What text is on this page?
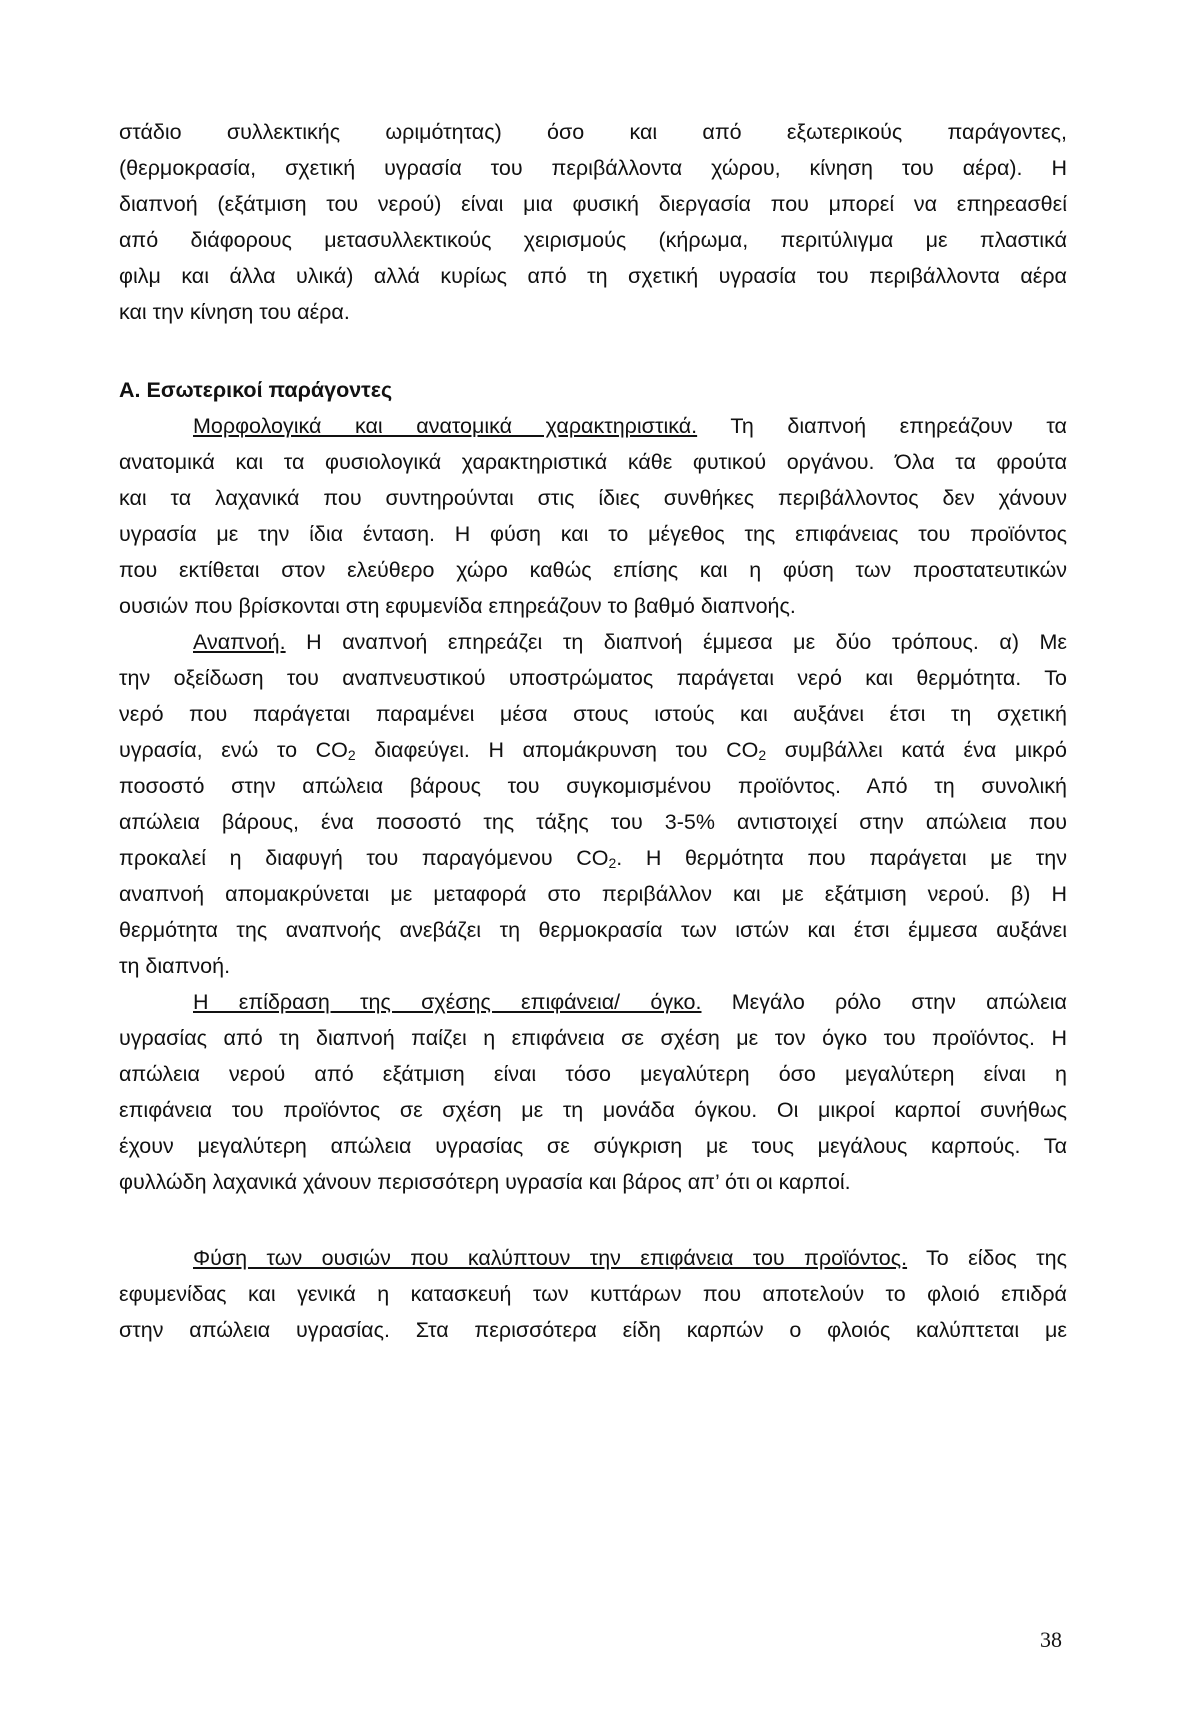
στάδιο συλλεκτικής ωριμότητας) όσο και από εξωτερικούς παράγοντες,
(θερμοκρασία, σχετική υγρασία του περιβάλλοντα χώρου, κίνηση του αέρα). Η
διαπνοή (εξάτμιση του νερού) είναι μια φυσική διεργασία που μπορεί να επηρεασθεί
από διάφορους μετασυλλεκτικούς χειρισμούς (κήρωμα, περιτύλιγμα με πλαστικά
φιλμ και άλλα υλικά) αλλά κυρίως από τη σχετική υγρασία του περιβάλλοντα αέρα
και την κίνηση του αέρα.
A. Εσωτερικοί παράγοντες
Μορφολογικά και ανατομικά χαρακτηριστικά. Τη διαπνοή επηρεάζουν τα
ανατομικά και τα φυσιολογικά χαρακτηριστικά κάθε φυτικού οργάνου. Όλα τα φρούτα
και τα λαχανικά που συντηρούνται στις ίδιες συνθήκες περιβάλλοντος δεν χάνουν
υγρασία με την ίδια ένταση. Η φύση και το μέγεθος της επιφάνειας του προϊόντος
που εκτίθεται στον ελεύθερο χώρο καθώς επίσης και η φύση των προστατευτικών
ουσιών που βρίσκονται στη εφυμενίδα επηρεάζουν το βαθμό διαπνοής.
Αναπνοή. Η αναπνοή επηρεάζει τη διαπνοή έμμεσα με δύο τρόπους. α) Με
την οξείδωση του αναπνευστικού υποστρώματος παράγεται νερό και θερμότητα. Το
νερό που παράγεται παραμένει μέσα στους ιστούς και αυξάνει έτσι τη σχετική
υγρασία, ενώ το $CO_2$ διαφεύγει. Η απομάκρυνση του $CO_2$ συμβάλλει κατά ένα μικρό
ποσοστό στην απώλεια βάρους του συγκομισμένου προϊόντος. Από τη συνολική
απώλεια βάρους, ένα ποσοστό της τάξης του 3-5% αντιστοιχεί στην απώλεια που
προκαλεί η διαφυγή του παραγόμενου $CO_2$. Η θερμότητα που παράγεται με την
αναπνοή απομακρύνεται με μεταφορά στο περιβάλλον και με εξάτμιση νερού. β) Η
θερμότητα της αναπνοής ανεβάζει τη θερμοκρασία των ιστών και έτσι έμμεσα αυξάνει
τη διαπνοή.
Η επίδραση της σχέσης επιφάνεια/ όγκο. Μεγάλο ρόλο στην απώλεια
υγρασίας από τη διαπνοή παίζει η επιφάνεια σε σχέση με τον όγκο του προϊόντος. Η
απώλεια νερού από εξάτμιση είναι τόσο μεγαλύτερη όσο μεγαλύτερη είναι η
επιφάνεια του προϊόντος σε σχέση με τη μονάδα όγκου. Οι μικροί καρποί συνήθως
έχουν μεγαλύτερη απώλεια υγρασίας σε σύγκριση με τους μεγάλους καρπούς. Τα
φυλλώδη λαχανικά χάνουν περισσότερη υγρασία και βάρος απ’ ότι οι καρποί.
Φύση των ουσιών που καλύπτουν την επιφάνεια του προϊόντος. Το είδος της
εφυμενίδας και γενικά η κατασκευή των κυττάρων που αποτελούν το φλοιό επιδρά
στην απώλεια υγρασίας. Στα περισσότερα είδη καρπών ο φλοιός καλύπτεται με
38
